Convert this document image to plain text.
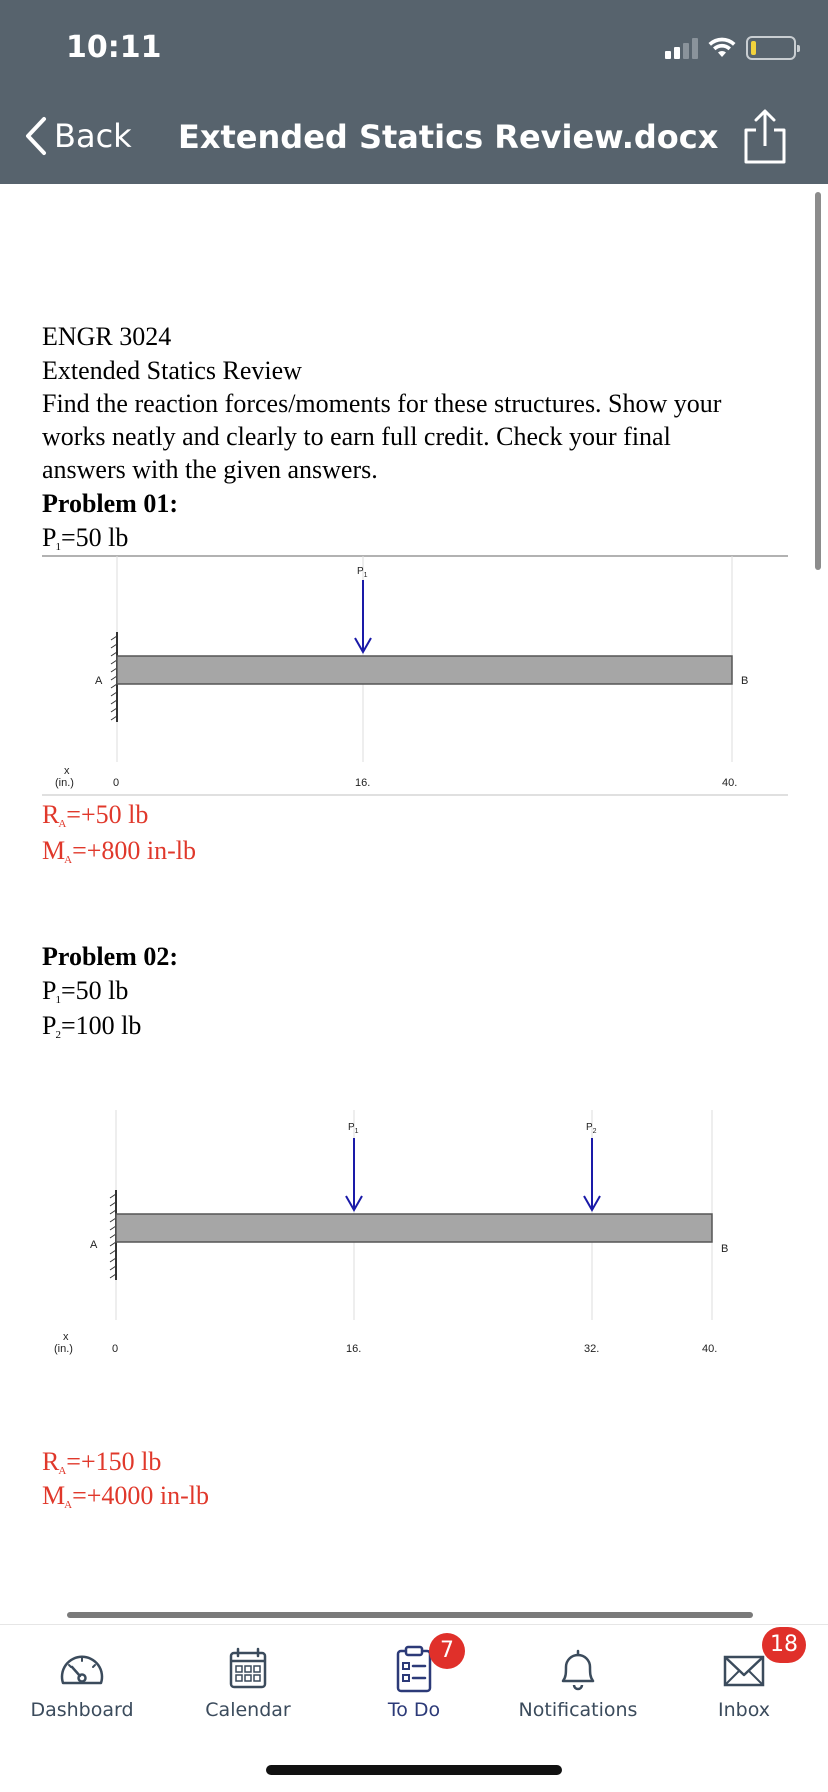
10:11
Back Extended Statics Review.docx
ENGR 3024
Extended Statics Review
Find the reaction forces/moments for these structures. Show your works neatly and clearly to earn full credit. Check your final answers with the given answers.
Problem 01:
$P_1=50$ lb
A	B
$P_1$
x
(in.)	0	16.	40.
$R_A=+50$ lb
$M_A=+800$ in-lb
Problem 02:
$P_1=50$ lb
$P_2=100$ lb
A	B
$P_1$	$P_2$
x
(in.)	0	16.	32.	40.
$R_A=+150$ lb
$M_A=+4000$ in-lb
Dashboard	Calendar
7
To Do	Notifications
18
Inbox
